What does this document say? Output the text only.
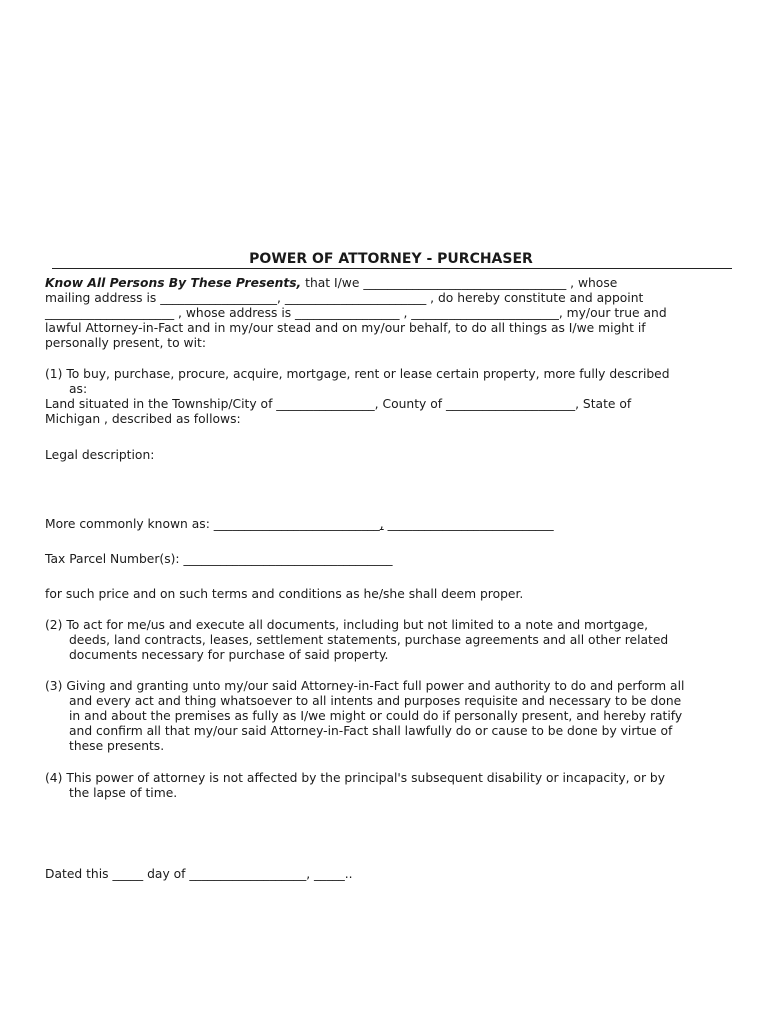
POWER OF ATTORNEY - PURCHASER
Know All Persons By These Presents, that I/we _________________________________ , whose
mailing address is ___________________, _______________________ , do hereby constitute and appoint
_____________________ , whose address is _________________ , ________________________, my/our true and
lawful Attorney-in-Fact and in my/our stead and on my/our behalf, to do all things as I/we might if
personally present, to wit:
(1) To buy, purchase, procure, acquire, mortgage, rent or lease certain property, more fully described
as:
Land situated in the Township/City of ________________, County of _____________________, State of
Michigan , described as follows:
Legal description:
More commonly known as: ___________________________, ___________________________
Tax Parcel Number(s): __________________________________
for such price and on such terms and conditions as he/she shall deem proper.
(2) To act for me/us and execute all documents, including but not limited to a note and mortgage,
deeds, land contracts, leases, settlement statements, purchase agreements and all other related
documents necessary for purchase of said property.
(3) Giving and granting unto my/our said Attorney-in-Fact full power and authority to do and perform all
and every act and thing whatsoever to all intents and purposes requisite and necessary to be done
in and about the premises as fully as I/we might or could do if personally present, and hereby ratify
and confirm all that my/our said Attorney-in-Fact shall lawfully do or cause to be done by virtue of
these presents.
(4) This power of attorney is not affected by the principal's subsequent disability or incapacity, or by
the lapse of time.
Dated this _____ day of ___________________, _____..
